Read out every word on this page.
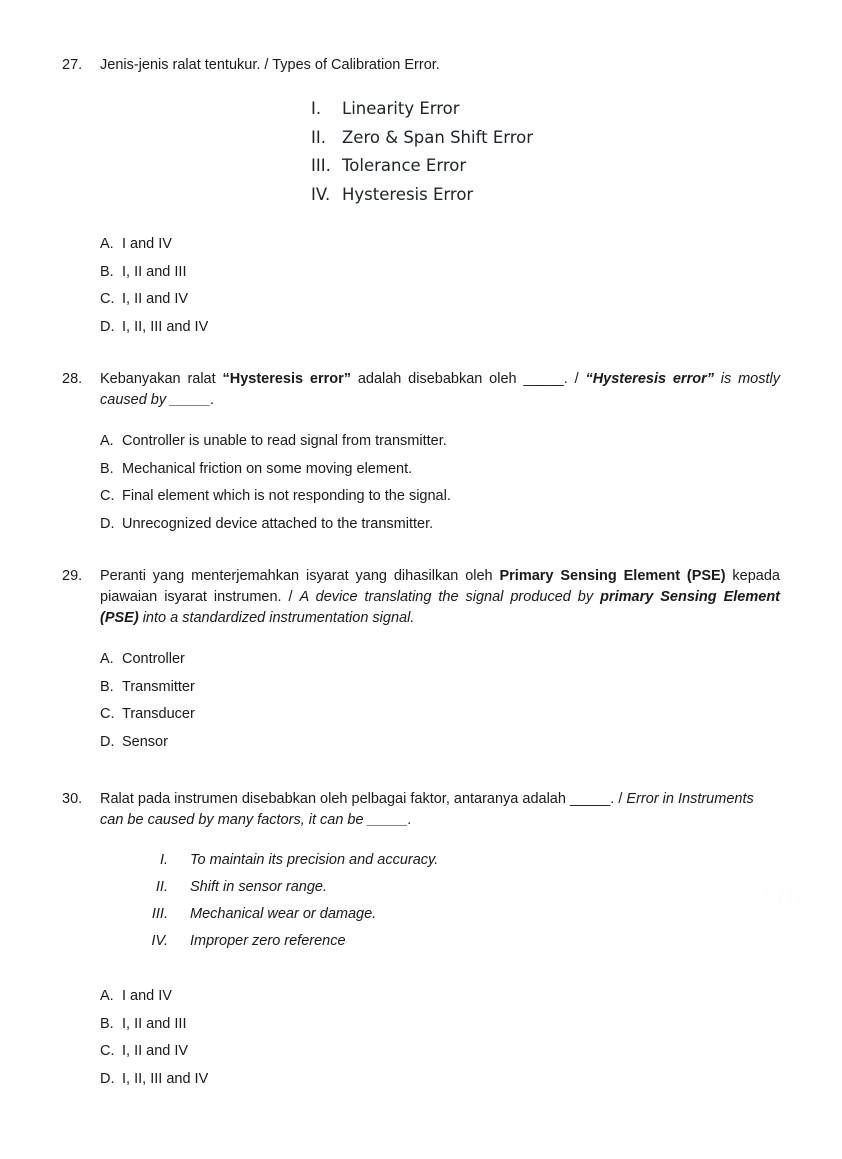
27.	Jenis-jenis ralat tentukur. / Types of Calibration Error.
I.	Linearity Error
II. Zero & Span Shift Error
III. Tolerance Error
IV. Hysteresis Error
A. I and IV
B. I, II and III
C. I, II and IV
D. I, II, III and IV
28.	Kebanyakan ralat “Hysteresis error” adalah disebabkan oleh _____. / “Hysteresis error” is mostly caused by _____.
A. Controller is unable to read signal from transmitter.
B. Mechanical friction on some moving element.
C. Final element which is not responding to the signal.
D. Unrecognized device attached to the transmitter.
29.	Peranti yang menterjemahkan isyarat yang dihasilkan oleh Primary Sensing Element (PSE) kepada piawaian isyarat instrumen. / A device translating the signal produced by primary Sensing Element (PSE) into a standardized instrumentation signal.
A. Controller
B. Transmitter
C. Transducer
D. Sensor
30.	Ralat pada instrumen disebabkan oleh pelbagai faktor, antaranya adalah _____. / Error in Instruments can be caused by many factors, it can be _____.
I.	To maintain its precision and accuracy.
II.	Shift in sensor range.
III.	Mechanical wear or damage.
IV.	Improper zero reference
A. I and IV
B. I, II and III
C. I, II and IV
D. I, II, III and IV
8/8
